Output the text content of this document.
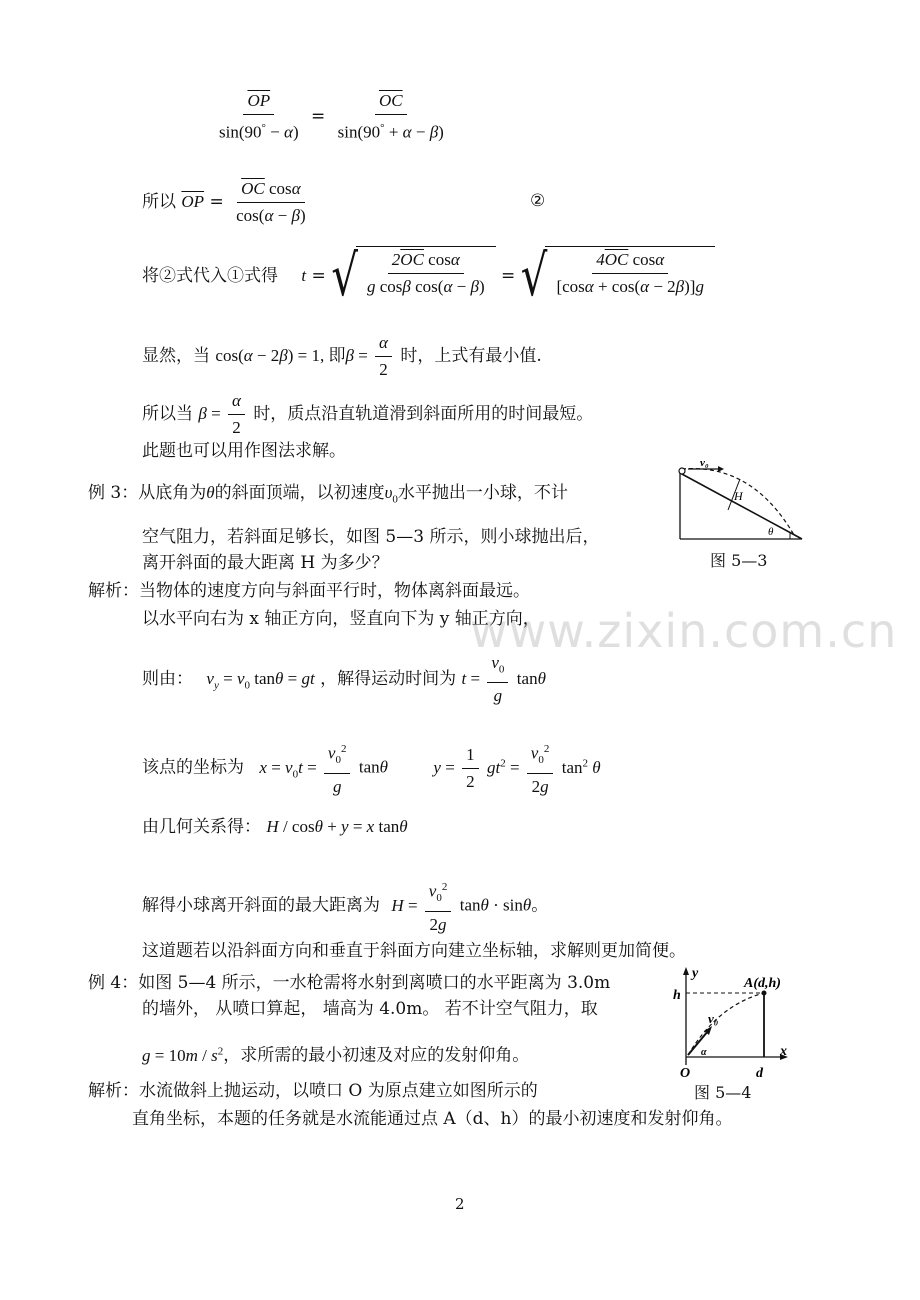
www.zixin.com.cn
$\frac{\overline{OP}}{\sin(90^\circ - \alpha)} = \frac{\overline{OC}}{\sin(90^\circ + \alpha - \beta)}$
所以 $\overline{OP} = \frac{\overline{OC} \cos\alpha}{\cos(\alpha - \beta)}$	②
将②式代入①式得 t = √ $\frac{2\overline{OC} \cos\alpha}{\text{g cosβ cos(α − β)}}$ = √ $\frac{4\overline{OC} \cos\alpha}{[\cos\alpha + \cos(\alpha - 2\beta)]g}$
显然，当 cos(α − 2β) = 1, 即$\beta = \frac{\alpha}{2}$ 时，上式有最小值.
所以当 $\beta = \frac{\alpha}{2}$ 时，质点沿直轨道滑到斜面所用的时间最短。
此题也可以用作图法求解。
例 3：从底角为θ的斜面顶端，以初速度$\upsilon_0$水平抛出一小球，不计
空气阻力，若斜面足够长，如图 5—3 所示，则小球抛出后，
离开斜面的最大距离 H 为多少？
v₀
H
θ
图 5—3
解析：当物体的速度方向与斜面平行时，物体离斜面最远。
以水平向右为 x 轴正方向，竖直向下为 y 轴正方向，
则由： $v_y = v_0$ tanθ = gt ，解得运动时间为 $t = \frac{v_0}{g}$ tanθ
该点的坐标为 $x = v_0t = \frac{v_0^2}{g}$ tanθ	$y = \frac{1}{2} gt^2 = \frac{v_0^2}{2g} \tan^2 \theta$
由几何关系得： H / cosθ + y = x tanθ
解得小球离开斜面的最大距离为 $H = \frac{v_0^2}{2g}$ tanθ · sinθ。
这道题若以沿斜面方向和垂直于斜面方向建立坐标轴，求解则更加简便。
例 4：如图 5—4 所示，一水枪需将水射到离喷口的水平距离为 3.0m
的墙外， 从喷口算起， 墙高为 4.0m。 若不计空气阻力，取
$g = 10m / s^2$，求所需的最小初速及对应的发射仰角。
y
h
A(d,h)
v₀
α
O	d
x
解析：水流做斜上抛运动，以喷口 O 为原点建立如图所示的	图 5—4
直角坐标，本题的任务就是水流能通过点 A（d、h）的最小初速度和发射仰角。
2
